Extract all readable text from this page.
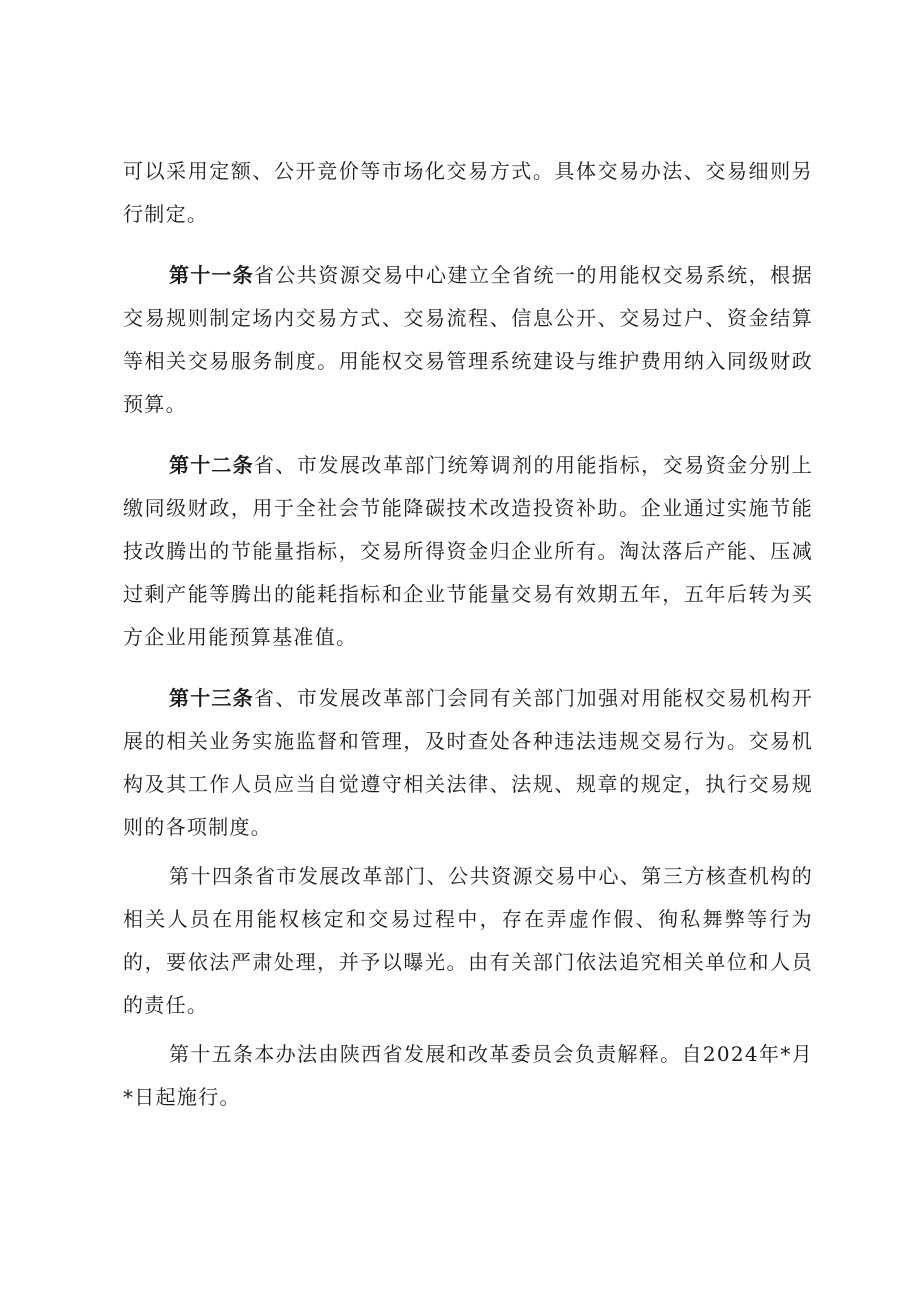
可以采用定额、公开竞价等市场化交易方式。具体交易办法、交易细则另行制定。

第十一条省公共资源交易中心建立全省统一的用能权交易系统，根据交易规则制定场内交易方式、交易流程、信息公开、交易过户、资金结算等相关交易服务制度。用能权交易管理系统建设与维护费用纳入同级财政预算。

第十二条省、市发展改革部门统筹调剂的用能指标，交易资金分别上缴同级财政，用于全社会节能降碳技术改造投资补助。企业通过实施节能技改腾出的节能量指标，交易所得资金归企业所有。淘汰落后产能、压减过剩产能等腾出的能耗指标和企业节能量交易有效期五年，五年后转为买方企业用能预算基准值。

第十三条省、市发展改革部门会同有关部门加强对用能权交易机构开展的相关业务实施监督和管理，及时查处各种违法违规交易行为。交易机构及其工作人员应当自觉遵守相关法律、法规、规章的规定，执行交易规则的各项制度。

第十四条省市发展改革部门、公共资源交易中心、第三方核查机构的相关人员在用能权核定和交易过程中，存在弄虚作假、徇私舞弊等行为的，要依法严肃处理，并予以曝光。由有关部门依法追究相关单位和人员的责任。

第十五条本办法由陕西省发展和改革委员会负责解释。自2024年*月*日起施行。
